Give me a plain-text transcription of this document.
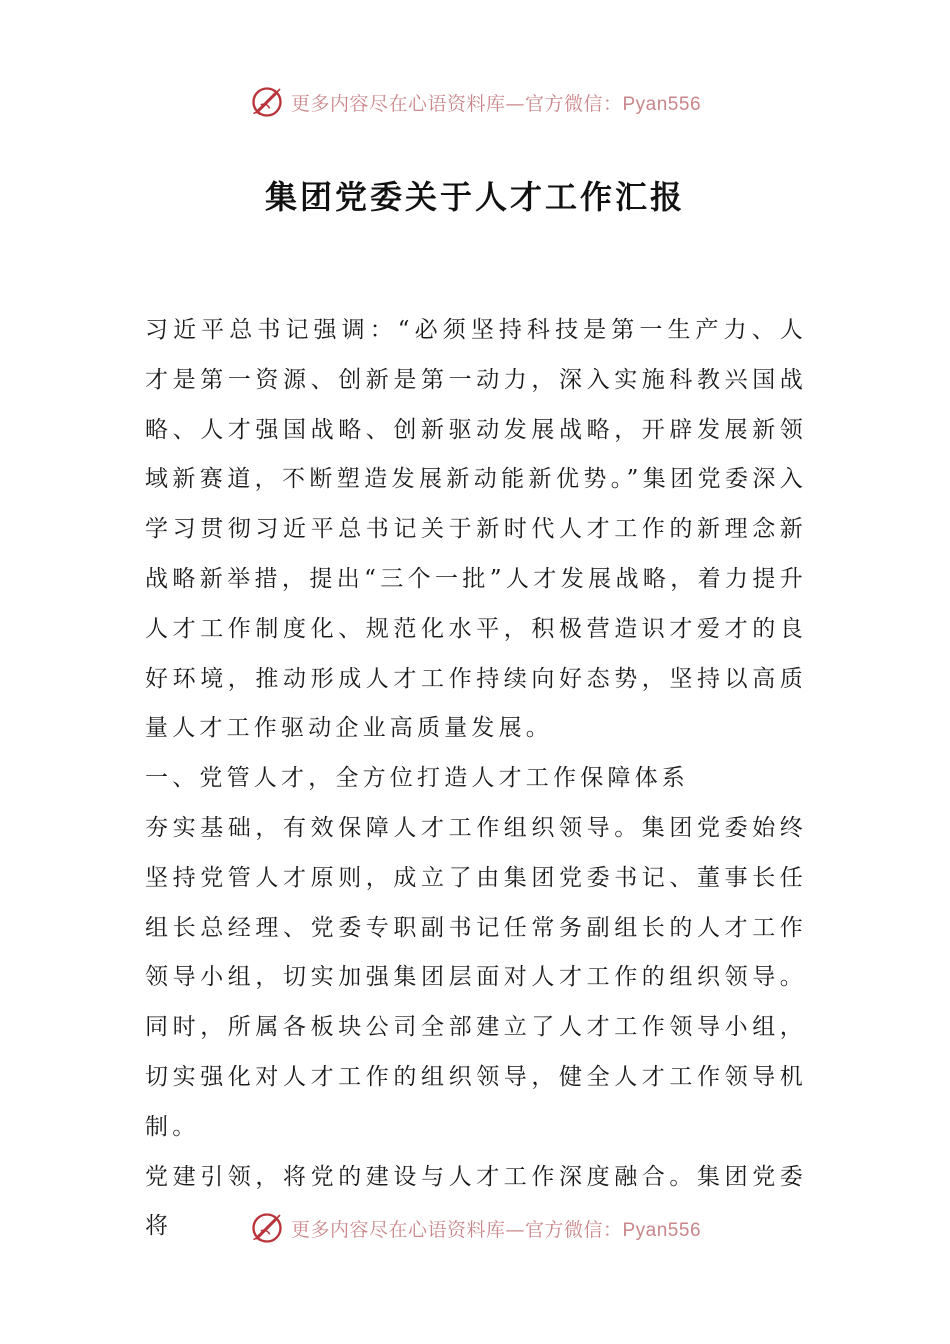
更多内容尽在心语资料库—官方微信：Pyan556
集团党委关于人才工作汇报

习近平总书记强调：“必须坚持科技是第一生产力、人才是第一资源、创新是第一动力，深入实施科教兴国战略、人才强国战略、创新驱动发展战略，开辟发展新领域新赛道，不断塑造发展新动能新优势。”集团党委深入学习贯彻习近平总书记关于新时代人才工作的新理念新战略新举措，提出“三个一批”人才发展战略，着力提升人才工作制度化、规范化水平，积极营造识才爱才的良好环境，推动形成人才工作持续向好态势，坚持以高质量人才工作驱动企业高质量发展。

一、党管人才，全方位打造人才工作保障体系

夯实基础，有效保障人才工作组织领导。集团党委始终坚持党管人才原则，成立了由集团党委书记、董事长任组长总经理、党委专职副书记任常务副组长的人才工作领导小组，切实加强集团层面对人才工作的组织领导。同时，所属各板块公司全部建立了人才工作领导小组，切实强化对人才工作的组织领导，健全人才工作领导机制。

党建引领，将党的建设与人才工作深度融合。集团党委将	更多内容尽在心语资料库—官方微信：Pyan556
